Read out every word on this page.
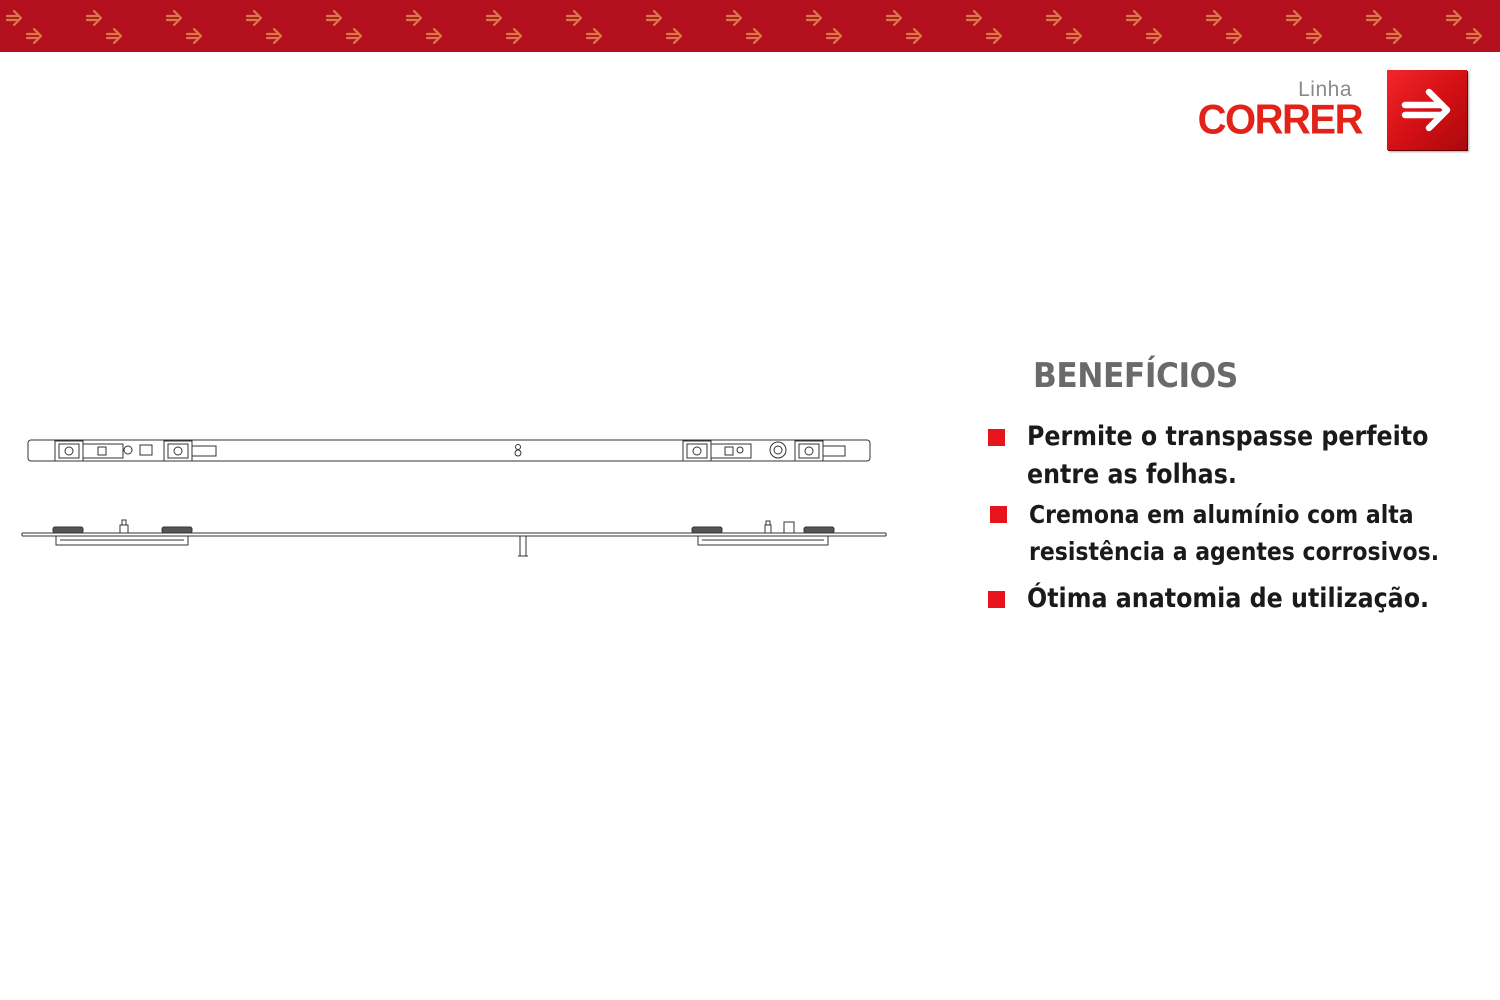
Linha
CORRER
BENEFÍCIOS
Permite o transpasse perfeito
entre as folhas.
Cremona em alumínio com alta
resistência a agentes corrosivos.
Ótima anatomia de utilização.
